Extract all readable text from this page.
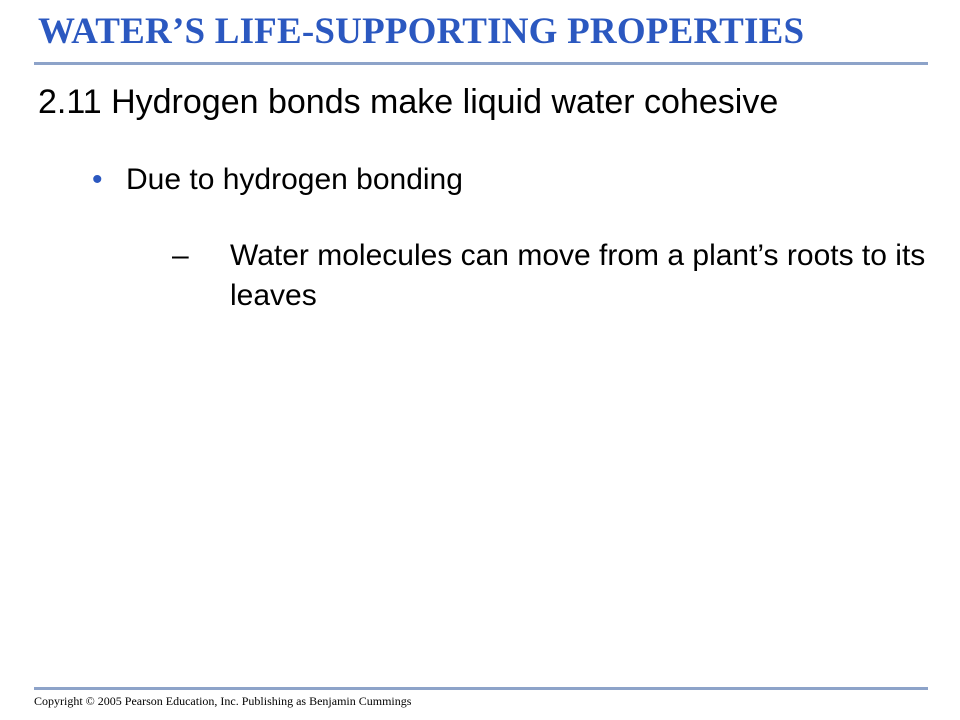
WATER’S LIFE-SUPPORTING PROPERTIES
2.11 Hydrogen bonds make liquid water cohesive
• Due to hydrogen bonding
– Water molecules can move from a plant’s roots to its leaves
Copyright © 2005 Pearson Education, Inc. Publishing as Benjamin Cummings
